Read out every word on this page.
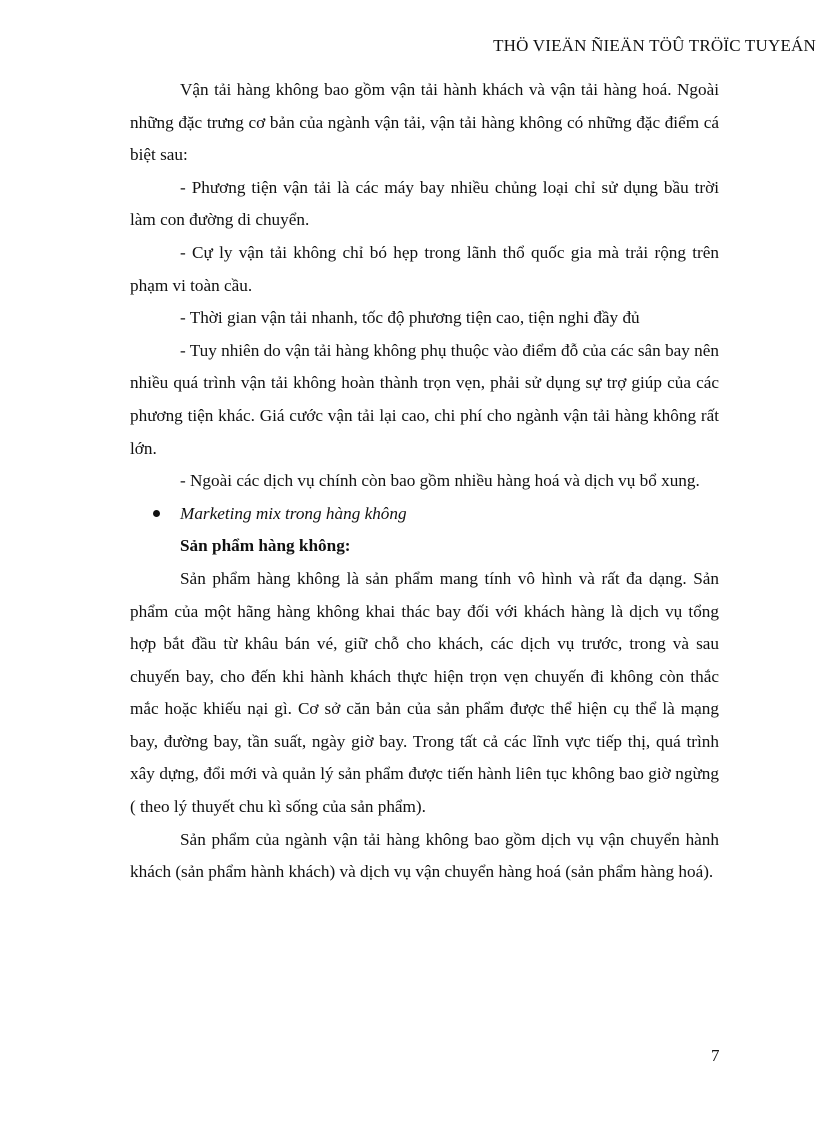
THÖ VIEÄN ÑIEÄN TÖÛ TRÖÏC TUYEÁN

Vận tải hàng không bao gồm vận tải hành khách và vận tải hàng hoá. Ngoài những đặc trưng cơ bản của ngành vận tải, vận tải hàng không có những đặc điểm cá biệt sau:

- Phương tiện vận tải là các máy bay nhiều chủng loại chỉ sử dụng bầu trời làm con đường di chuyển.

- Cự ly vận tải không chỉ bó hẹp trong lãnh thổ quốc gia mà trải rộng trên phạm vi toàn cầu.

- Thời gian vận tải nhanh, tốc độ phương tiện cao, tiện nghi đầy đủ

- Tuy nhiên do vận tải hàng không phụ thuộc vào điểm đỗ của các sân bay nên nhiều quá trình vận tải không hoàn thành trọn vẹn, phải sử dụng sự trợ giúp của các phương tiện khác. Giá cước vận tải lại cao, chi phí cho ngành vận tải hàng không rất lớn.

- Ngoài các dịch vụ chính còn bao gồm nhiều hàng hoá và dịch vụ bổ xung.

Marketing mix trong hàng không

Sản phẩm hàng không:

Sản phẩm hàng không là sản phẩm mang tính vô hình và rất đa dạng. Sản phẩm của một hãng hàng không khai thác bay đối với khách hàng là dịch vụ tổng hợp bắt đầu từ khâu bán vé, giữ chỗ cho khách, các dịch vụ trước, trong và sau chuyến bay, cho đến khi hành khách thực hiện trọn vẹn chuyến đi không còn thắc mắc hoặc khiếu nại gì. Cơ sở căn bản của sản phẩm được thể hiện cụ thể là mạng bay, đường bay, tần suất, ngày giờ bay. Trong tất cả các lĩnh vực tiếp thị, quá trình xây dựng, đổi mới và quản lý sản phẩm được tiến hành liên tục không bao giờ ngừng ( theo lý thuyết chu kì sống của sản phẩm).

Sản phẩm của ngành vận tải hàng không bao gồm dịch vụ vận chuyển hành khách (sản phẩm hành khách) và dịch vụ vận chuyển hàng hoá (sản phẩm hàng hoá).

7
